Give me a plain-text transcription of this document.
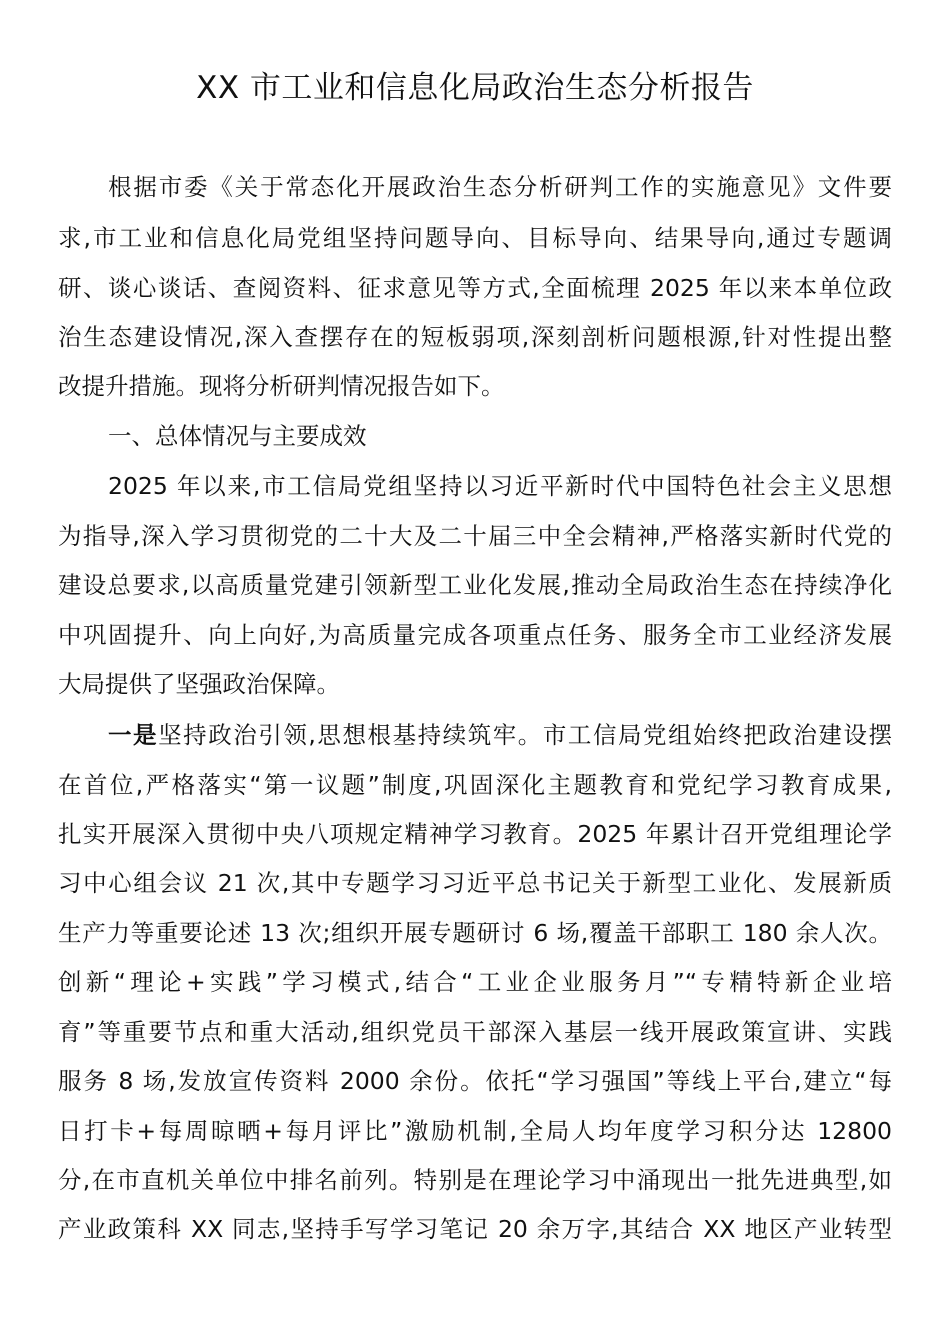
XX 市工业和信息化局政治生态分析报告
根据市委《关于常态化开展政治生态分析研判工作的实施意见》文件要
求,市工业和信息化局党组坚持问题导向、目标导向、结果导向,通过专题调
研、谈心谈话、查阅资料、征求意见等方式,全面梳理 2025 年以来本单位政
治生态建设情况,深入查摆存在的短板弱项,深刻剖析问题根源,针对性提出整
改提升措施。现将分析研判情况报告如下。
一、总体情况与主要成效
2025 年以来,市工信局党组坚持以习近平新时代中国特色社会主义思想
为指导,深入学习贯彻党的二十大及二十届三中全会精神,严格落实新时代党的
建设总要求,以高质量党建引领新型工业化发展,推动全局政治生态在持续净化
中巩固提升、向上向好,为高质量完成各项重点任务、服务全市工业经济发展
大局提供了坚强政治保障。
一是坚持政治引领,思想根基持续筑牢。市工信局党组始终把政治建设摆
在首位,严格落实“第一议题”制度,巩固深化主题教育和党纪学习教育成果,
扎实开展深入贯彻中央八项规定精神学习教育。2025 年累计召开党组理论学
习中心组会议 21 次,其中专题学习习近平总书记关于新型工业化、发展新质
生产力等重要论述 13 次;组织开展专题研讨 6 场,覆盖干部职工 180 余人次。
创新“理论+实践”学习模式,结合“工业企业服务月”“专精特新企业培
育”等重要节点和重大活动,组织党员干部深入基层一线开展政策宣讲、实践
服务 8 场,发放宣传资料 2000 余份。依托“学习强国”等线上平台,建立“每
日打卡+每周晾晒+每月评比”激励机制,全局人均年度学习积分达 12800
分,在市直机关单位中排名前列。特别是在理论学习中涌现出一批先进典型,如
产业政策科 XX 同志,坚持手写学习笔记 20 余万字,其结合 XX 地区产业转型
